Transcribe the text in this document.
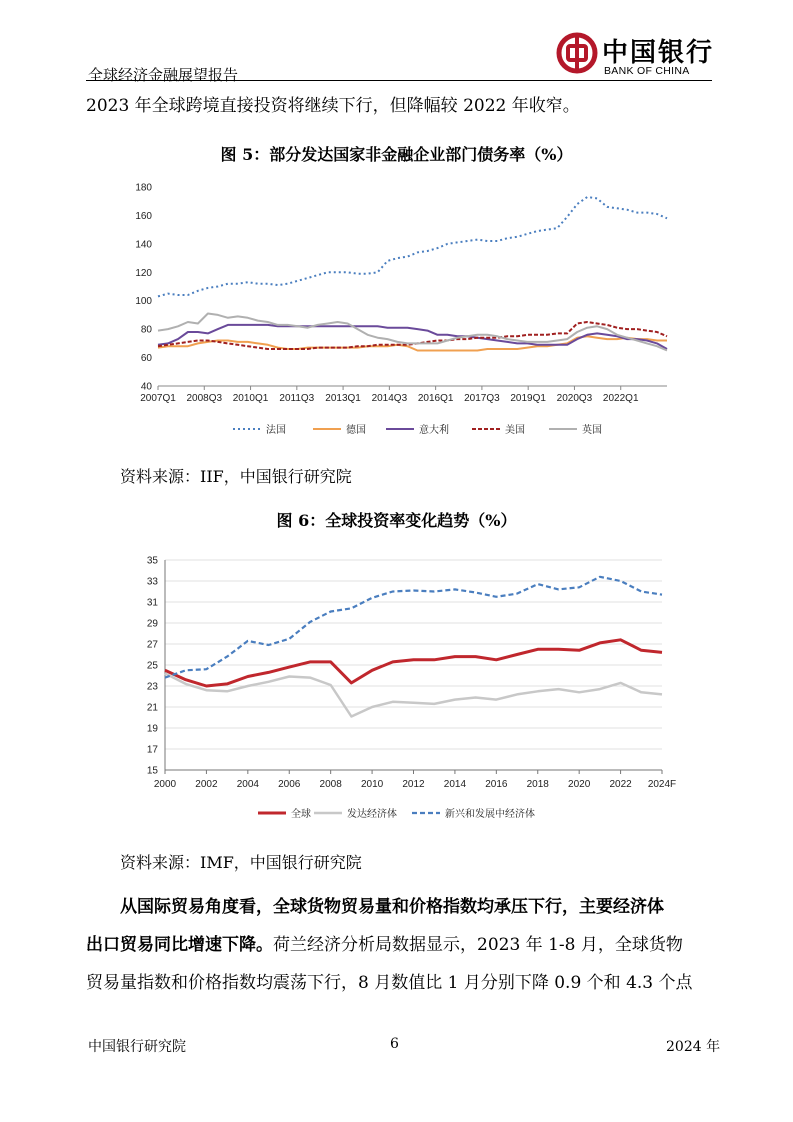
全球经济金融展望报告
中国银行
BANK OF CHINA
2023 年全球跨境直接投资将继续下行，但降幅较 2022 年收窄。
图 5：部分发达国家非金融企业部门债务率（%）
40
60
80
100
120
140
160
180
2007Q1 2008Q3 2010Q1 2011Q3 2013Q1 2014Q3 2016Q1 2017Q3 2019Q1 2020Q3 2022Q1
法国	德国	意大利	美国	英国
资料来源：IIF，中国银行研究院
图 6：全球投资率变化趋势（%）
15
17
19
21
23
25
27
29
31
33
35
2000 2002 2004 2006 2008 2010 2012 2014 2016 2018 2020 2022 2024F
全球	发达经济体	新兴和发展中经济体
资料来源：IMF，中国银行研究院
从国际贸易角度看，全球货物贸易量和价格指数均承压下行，主要经济体
出口贸易同比增速下降。荷兰经济分析局数据显示，2023 年 1-8 月，全球货物
贸易量指数和价格指数均震荡下行，8 月数值比 1 月分别下降 0.9 个和 4.3 个点
中国银行研究院	6	2024 年
